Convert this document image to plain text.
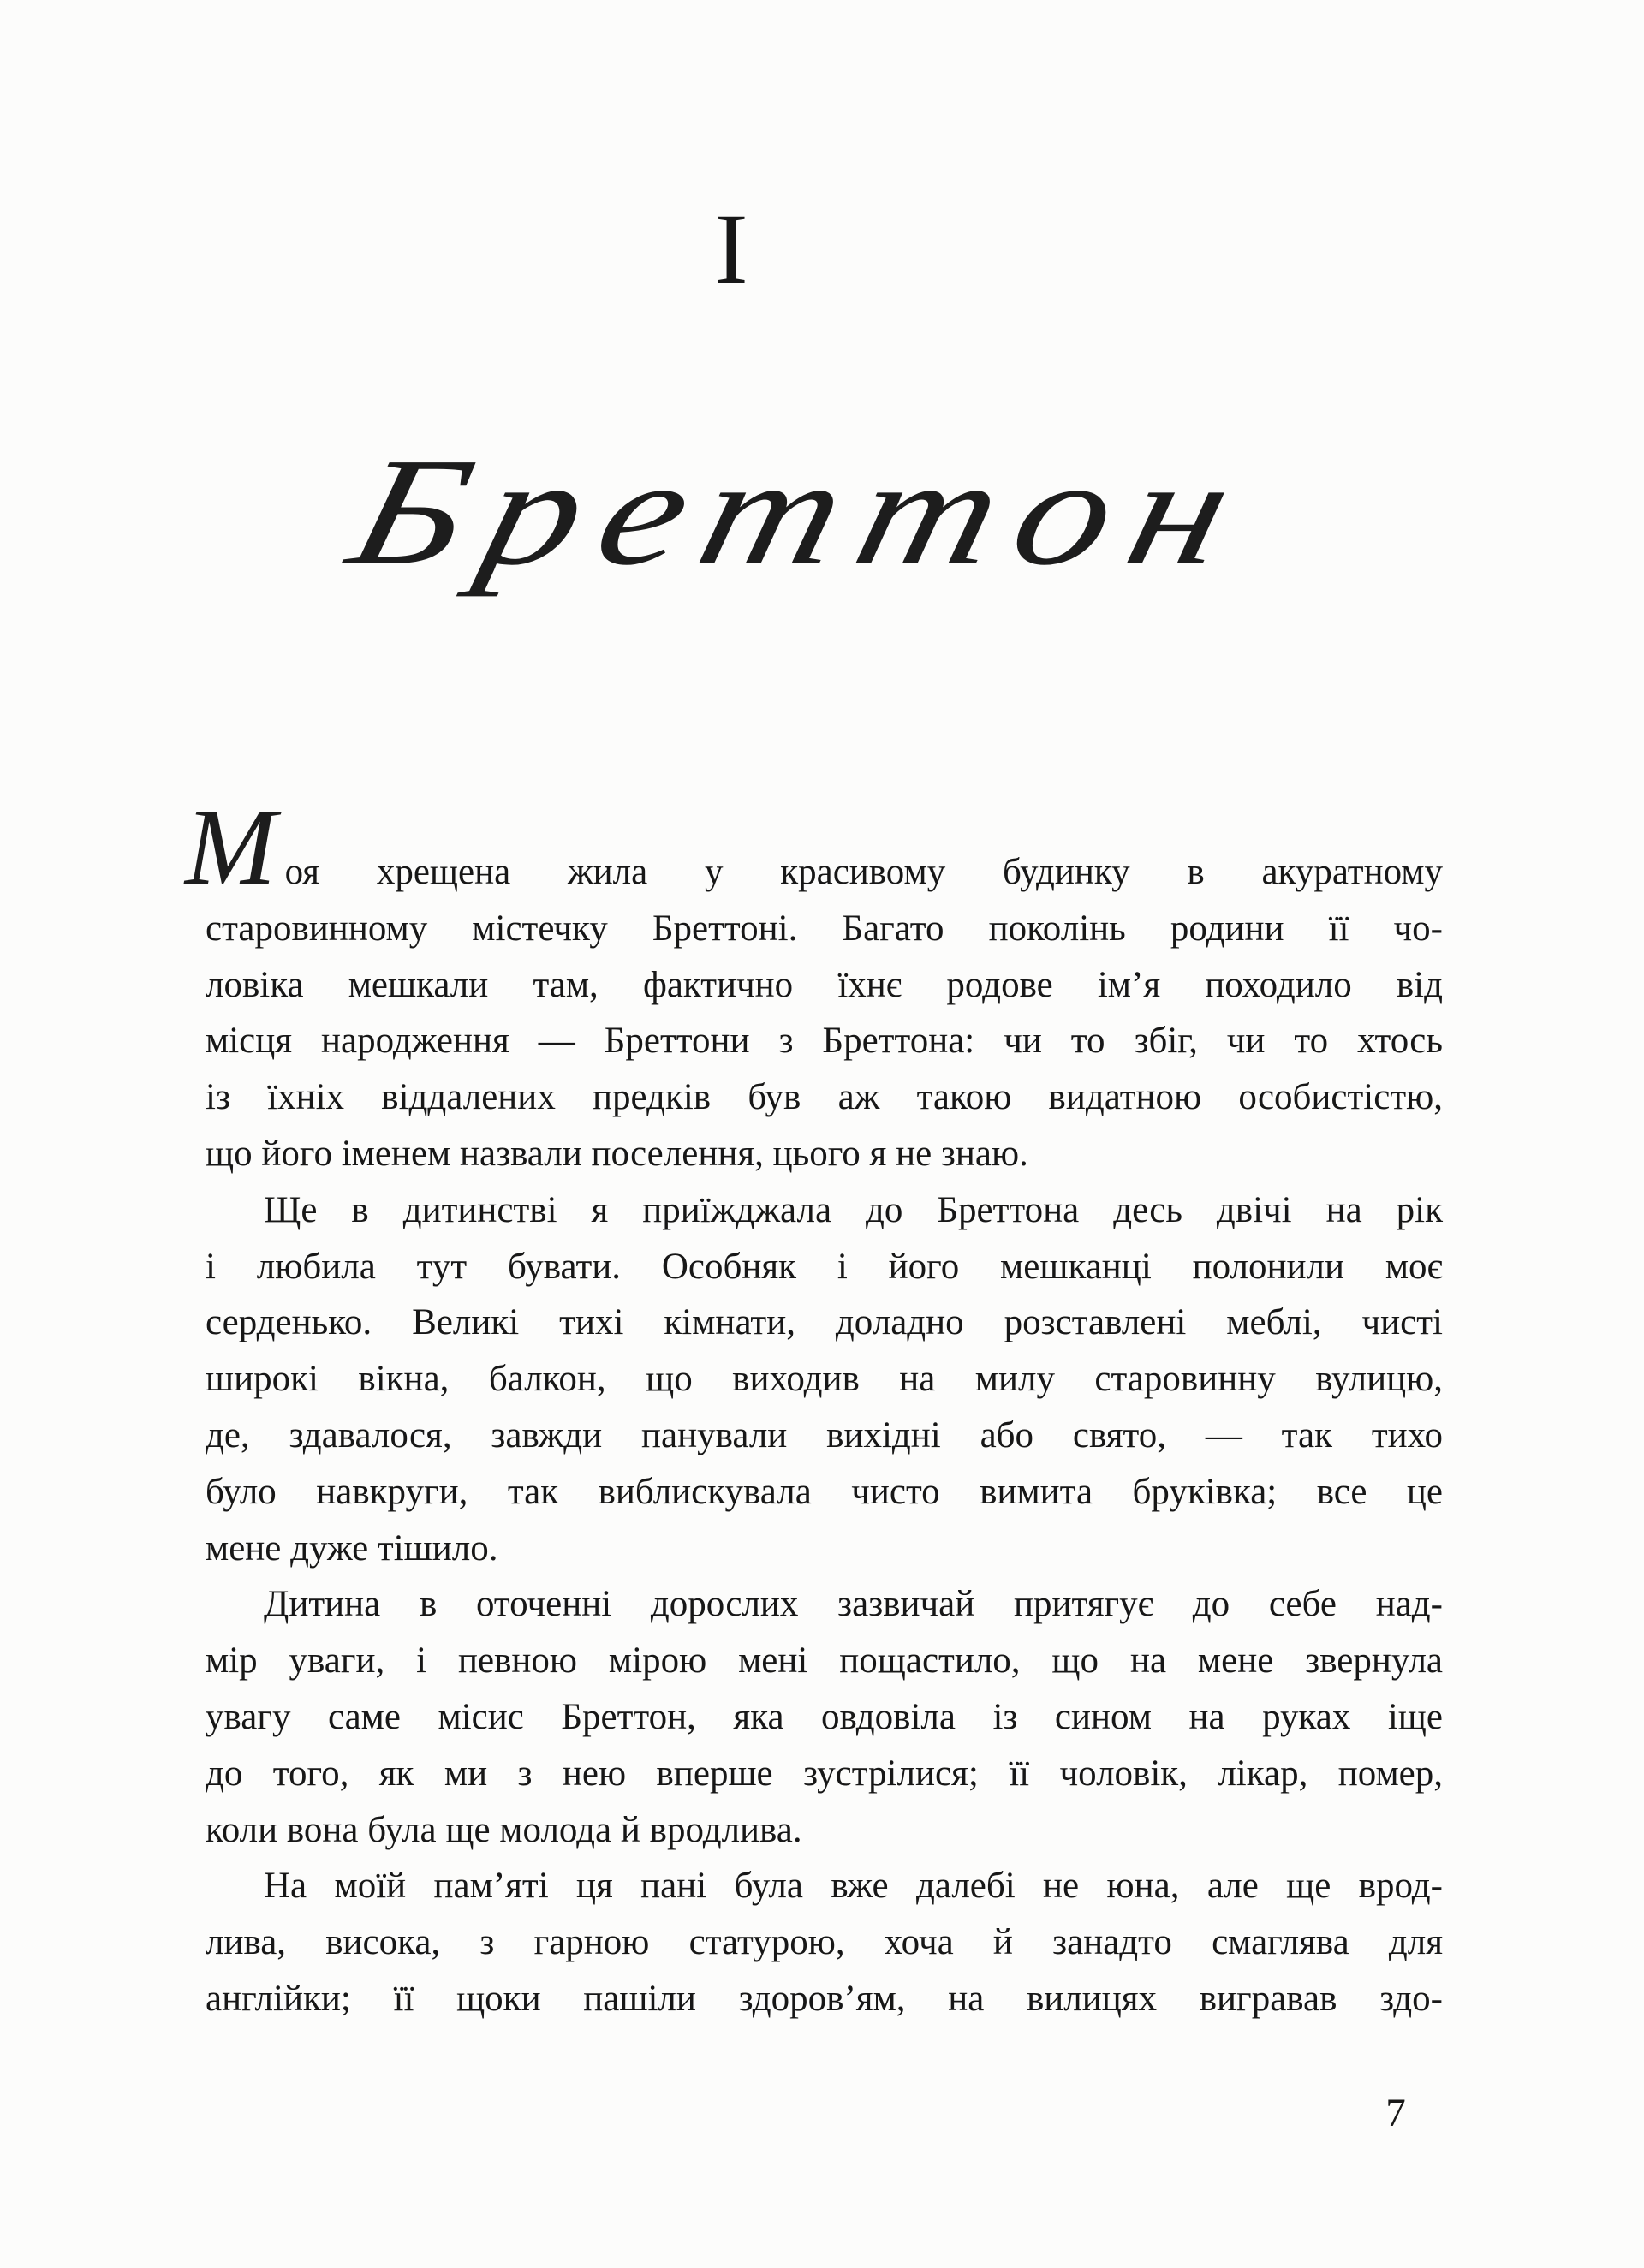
I
Бреттон
Моя хрещена жила у красивому будинку в акуратному
старовинному містечку Бреттоні. Багато поколінь родини її чо-
ловіка мешкали там, фактично їхнє родове ім’я походило від
місця народження — Бреттони з Бреттона: чи то збіг, чи то хтось
із їхніх віддалених предків був аж такою видатною особистістю,
що його іменем назвали поселення, цього я не знаю.
Ще в дитинстві я приїжджала до Бреттона десь двічі на рік
і любила тут бувати. Особняк і його мешканці полонили моє
серденько. Великі тихі кімнати, доладно розставлені меблі, чисті
широкі вікна, балкон, що виходив на милу старовинну вулицю,
де, здавалося, завжди панували вихідні або свято, — так тихо
було навкруги, так виблискувала чисто вимита бруківка; все це
мене дуже тішило.
Дитина в оточенні дорослих зазвичай притягує до себе над-
мір уваги, і певною мірою мені пощастило, що на мене звернула
увагу саме місис Бреттон, яка овдовіла із сином на руках іще
до того, як ми з нею вперше зустрілися; її чоловік, лікар, помер,
коли вона була ще молода й вродлива.
На моїй пам’яті ця пані була вже далебі не юна, але ще врод-
лива, висока, з гарною статурою, хоча й занадто смаглява для
англійки; її щоки пашіли здоров’ям, на вилицях вигравав здо-
7
